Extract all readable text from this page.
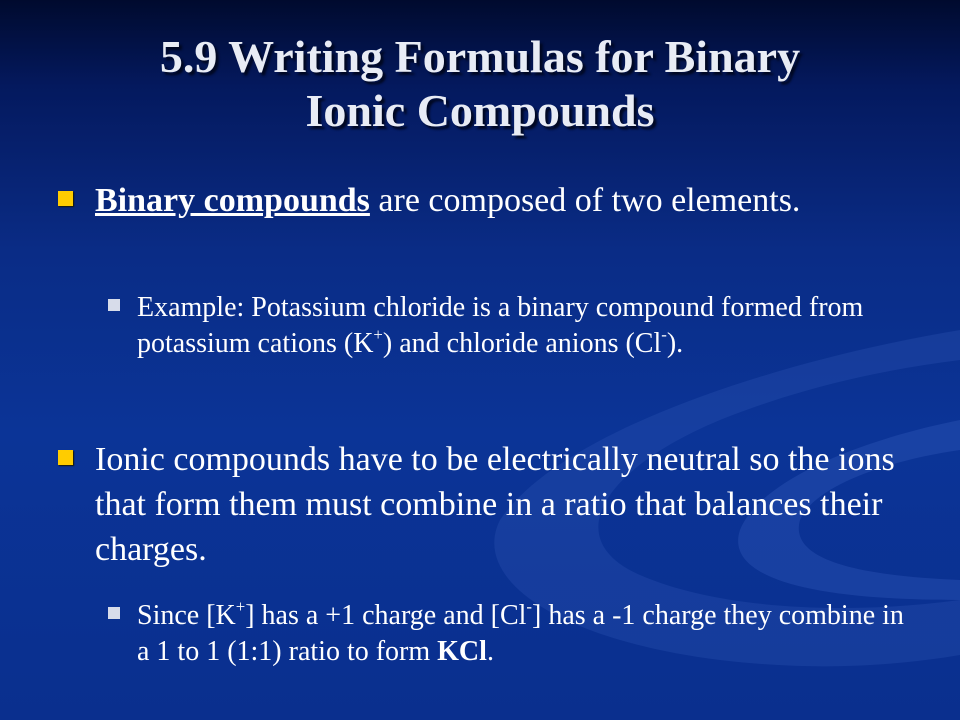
5.9 Writing Formulas for Binary
Ionic Compounds
Binary compounds are composed of two elements.
Example: Potassium chloride is a binary compound formed from potassium cations (K+) and chloride anions (Cl-).
Ionic compounds have to be electrically neutral so the ions that form them must combine in a ratio that balances their charges.
Since [K+] has a +1 charge and [Cl-] has a -1 charge they combine in a 1 to 1 (1:1) ratio to form KCl.
